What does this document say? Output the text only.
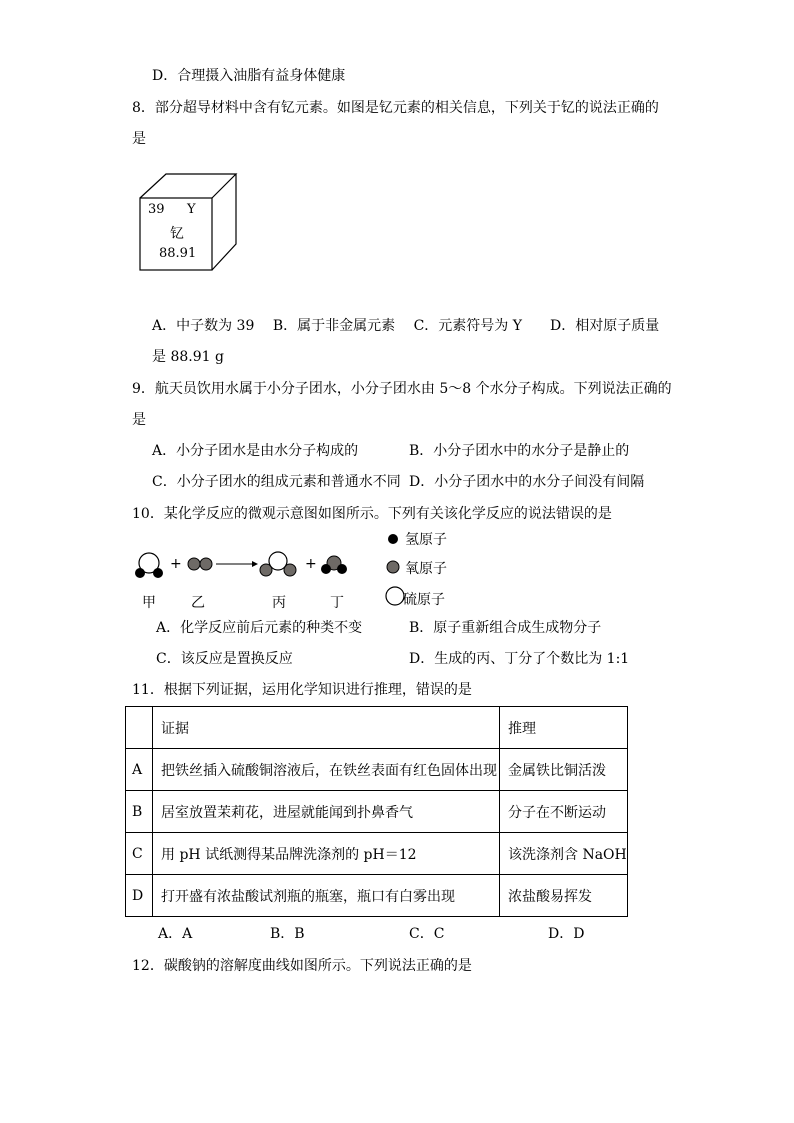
D．合理摄入油脂有益身体健康
8．部分超导材料中含有钇元素。如图是钇元素的相关信息，下列关于钇的说法正确的
是
39 Y
钇
88.91
A．中子数为 39　 B．属于非金属元素　 C．元素符号为 Y　　D．相对原子质量
是 88.91 g
9．航天员饮用水属于小分子团水，小分子团水由 5～8 个水分子构成。下列说法正确的
是
A．小分子团水是由水分子构成的	B．小分子团水中的水分子是静止的
C．小分子团水的组成元素和普通水不同 D．小分子团水中的水分子间没有间隔
10．某化学反应的微观示意图如图所示。下列有关该化学反应的说法错误的是
+	+
甲	乙	丙	丁
氢原子
氧原子
硫原子
A．化学反应前后元素的种类不变	B．原子重新组合成生成物分子
C．该反应是置换反应	D．生成的丙、丁分了个数比为 1:1
11．根据下列证据，运用化学知识进行推理，错误的是
	证据	推理
A	把铁丝插入硫酸铜溶液后，在铁丝表面有红色固体出现	金属铁比铜活泼
B	居室放置茉莉花，进屋就能闻到扑鼻香气	分子在不断运动
C	用 pH 试纸测得某品牌洗涤剂的 pH＝12	该洗涤剂含 NaOH
D	打开盛有浓盐酸试剂瓶的瓶塞，瓶口有白雾出现	浓盐酸易挥发
A．A	B．B	C．C	D．D
12．碳酸钠的溶解度曲线如图所示。下列说法正确的是
